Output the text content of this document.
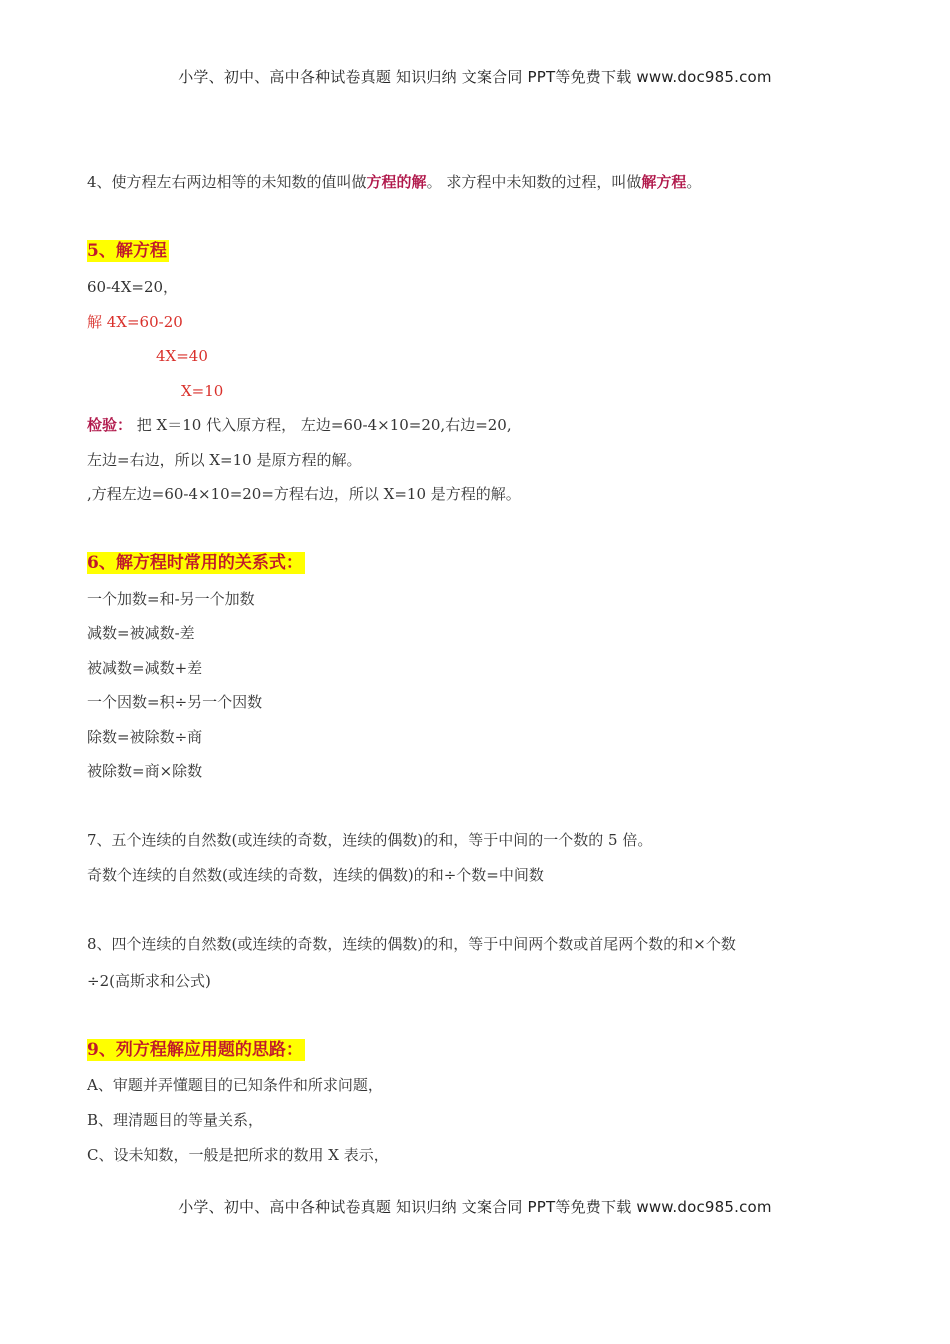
小学、初中、高中各种试卷真题 知识归纳 文案合同 PPT等免费下载 www.doc985.com
4、使方程左右两边相等的未知数的值叫做方程的解。 求方程中未知数的过程，叫做解方程。
5、解方程
60-4X=20，
解 4X=60-20
4X=40
X=10
检验： 把 X＝10 代入原方程， 左边=60-4×10=20,右边=20,
左边=右边，所以 X=10 是原方程的解。
,方程左边=60-4×10=20=方程右边，所以 X=10 是方程的解。
6、解方程时常用的关系式：
一个加数=和-另一个加数
减数=被减数-差
被减数=减数+差
一个因数=积÷另一个因数
除数=被除数÷商
被除数=商×除数
7、五个连续的自然数(或连续的奇数，连续的偶数)的和，等于中间的一个数的 5 倍。
奇数个连续的自然数(或连续的奇数，连续的偶数)的和÷个数=中间数
8、四个连续的自然数(或连续的奇数，连续的偶数)的和，等于中间两个数或首尾两个数的和×个数
÷2(高斯求和公式)
9、列方程解应用题的思路：
A、审题并弄懂题目的已知条件和所求问题，
B、理清题目的等量关系，
C、设未知数，一般是把所求的数用 X 表示，
小学、初中、高中各种试卷真题 知识归纳 文案合同 PPT等免费下载 www.doc985.com
